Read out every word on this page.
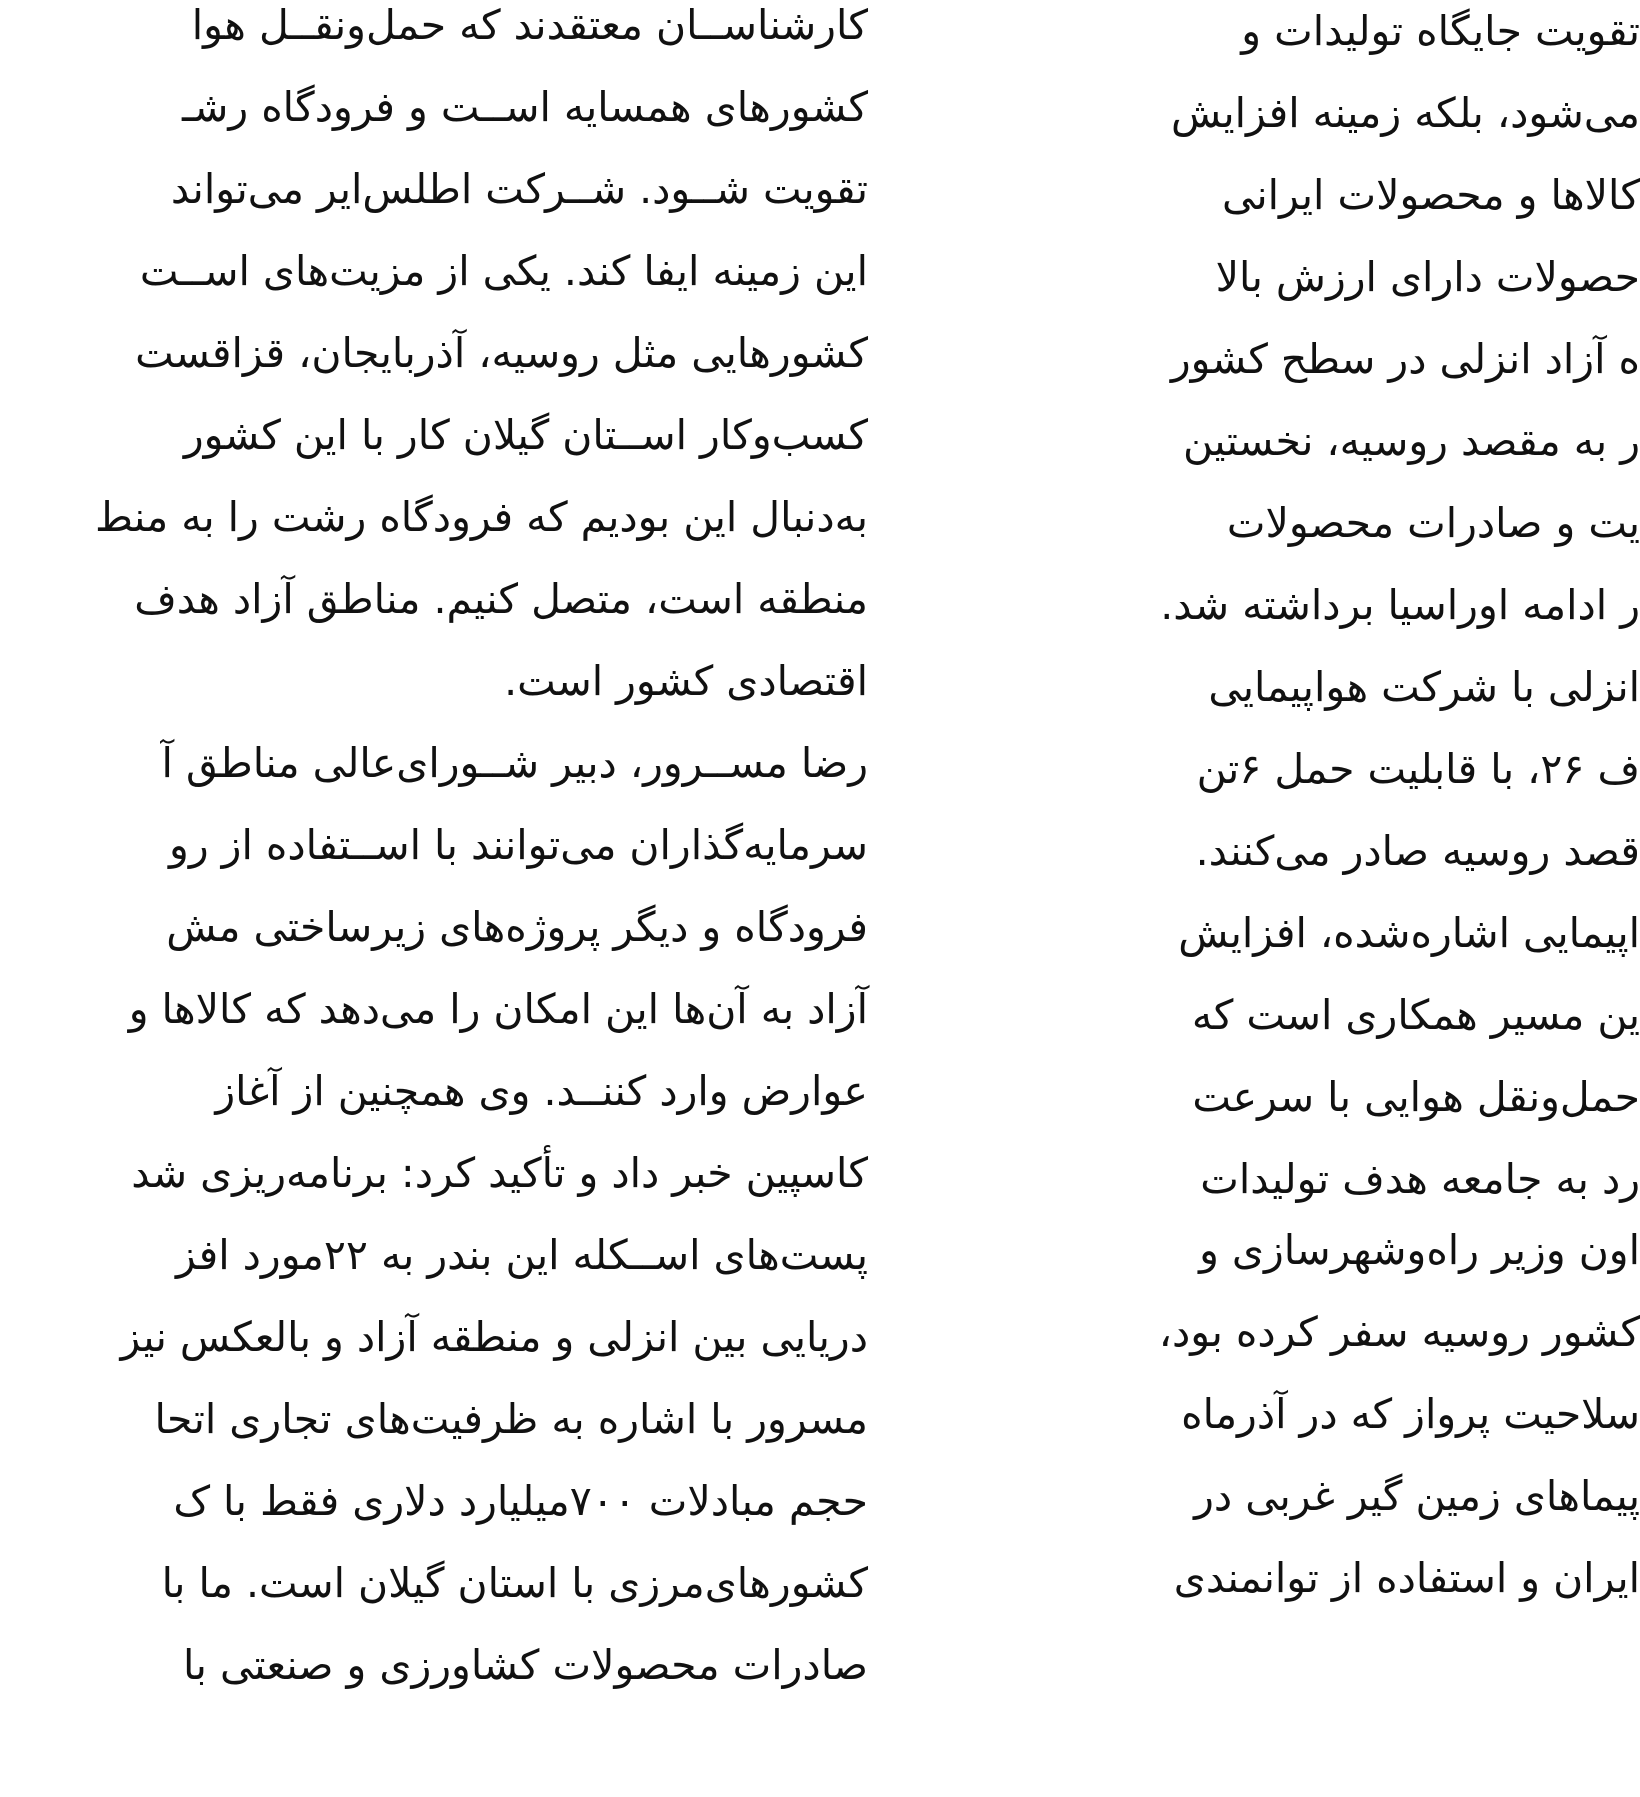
کارشناســان معتقدند که حمل‌ونقــل هوا
کشورهای همسایه اســت و فرودگاه رشـ
تقویت شــود. شــرکت اطلس‌ایر می‌تواند
این زمینه ایفا کند. یکی از مزیت‌های اســت
کشورهایی مثل روسیه، آذربایجان، قزاقست
کسب‌وکار اســتان گیلان کار با این کشور
به‌دنبال این بودیم که فرودگاه رشت را به منط
منطقه است، متصل کنیم. مناطق آزاد هدف
اقتصادی کشور است.
رضا مســرور، دبیر شــورای‌عالی مناطق آ
سرمایه‌گذاران می‌توانند با اســتفاده از رو
فرودگاه و دیگر پروژه‌های زیرساختی مش
آزاد به آن‌ها این امکان را می‌دهد که کالاها و
عوارض وارد کننــد. وی همچنین از آغاز
کاسپین خبر داد و تأکید کرد: برنامه‌ریزی شد
پست‌های اســکله این بندر به ۲۲مورد افز
دریایی بین انزلی و منطقه آزاد و بالعکس نیز
مسرور با اشاره به ظرفیت‌های تجاری اتحا
حجم مبادلات ۷۰۰میلیارد دلاری فقط با ک
کشورهای‌مرزی با استان گیلان است. ما با
صادرات محصولات کشاورزی و صنعتی با
تقویت جایگاه تولیدات و
می‌شود، بلکه زمینه افزایش
کالاها و محصولات ایرانی
حصولات دارای ارزش بالا
ه آزاد انزلی در سطح کشور
ر به مقصد روسیه، نخستین
یت و صادرات محصولات
ر ادامه اوراسیا برداشته شد.
انزلی با شرکت هواپیمایی
ف ۲۶، با قابلیت حمل ۶تن
قصد روسیه صادر می‌کنند.
اپیمایی اشاره‌شده، افزایش
ین مسیر همکاری است که
حمل‌ونقل هوایی با سرعت
رد به جامعه هدف تولیدات
اون وزیر راه‌وشهرسازی و
کشور روسیه سفر کرده بود،
سلاحیت پرواز که در آذرماه
پیماهای زمین گیر غربی در
ایران و استفاده از توانمندی
